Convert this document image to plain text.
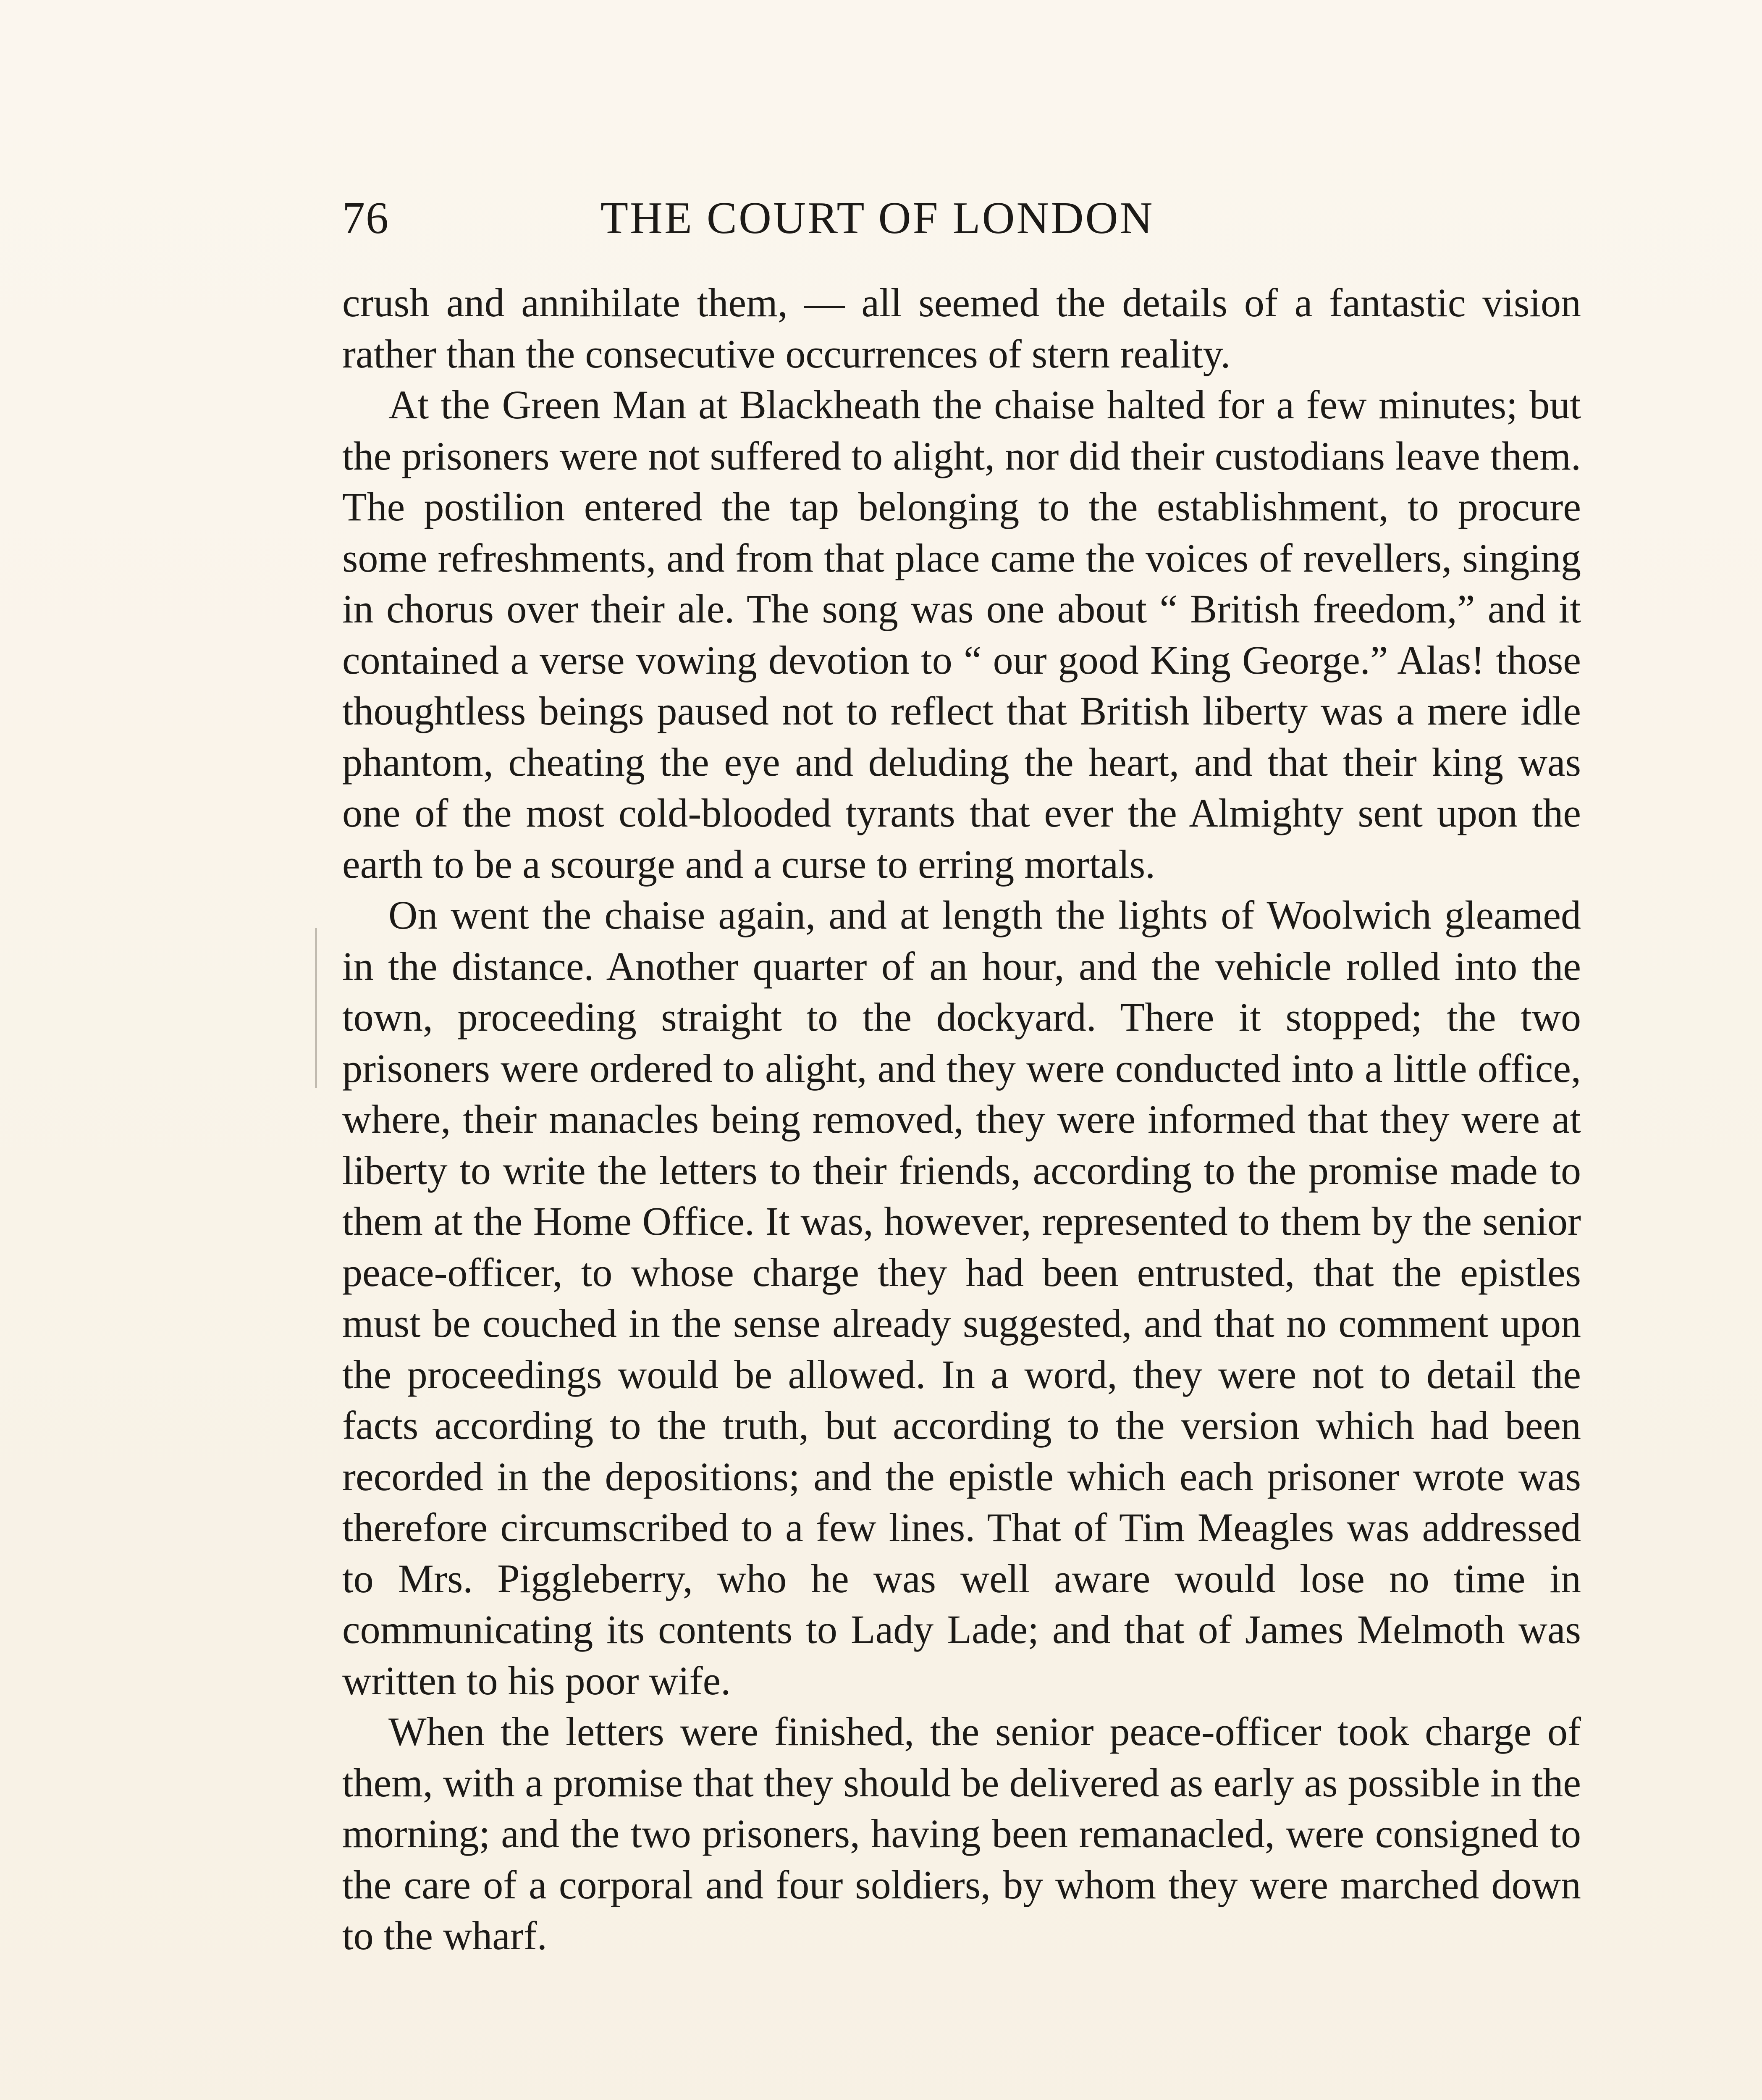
76	THE COURT OF LONDON

crush and annihilate them, — all seemed the details of a fantastic vision rather than the consecutive occurrences of stern reality.

At the Green Man at Blackheath the chaise halted for a few minutes; but the prisoners were not suffered to alight, nor did their custodians leave them. The postilion entered the tap belonging to the establishment, to procure some refreshments, and from that place came the voices of revellers, singing in chorus over their ale. The song was one about “ British freedom,” and it contained a verse vowing devotion to “ our good King George.” Alas! those thoughtless beings paused not to reflect that British liberty was a mere idle phantom, cheating the eye and deluding the heart, and that their king was one of the most cold-blooded tyrants that ever the Almighty sent upon the earth to be a scourge and a curse to erring mortals.

On went the chaise again, and at length the lights of Woolwich gleamed in the distance. Another quarter of an hour, and the vehicle rolled into the town, proceeding straight to the dockyard. There it stopped; the two prisoners were ordered to alight, and they were conducted into a little office, where, their manacles being removed, they were informed that they were at liberty to write the letters to their friends, according to the promise made to them at the Home Office. It was, however, represented to them by the senior peace-officer, to whose charge they had been entrusted, that the epistles must be couched in the sense already suggested, and that no comment upon the proceedings would be allowed. In a word, they were not to detail the facts according to the truth, but according to the version which had been recorded in the depositions; and the epistle which each prisoner wrote was therefore circumscribed to a few lines. That of Tim Meagles was addressed to Mrs. Piggleberry, who he was well aware would lose no time in communicating its contents to Lady Lade; and that of James Melmoth was written to his poor wife.

When the letters were finished, the senior peace-officer took charge of them, with a promise that they should be delivered as early as possible in the morning; and the two prisoners, having been remanacled, were consigned to the care of a corporal and four soldiers, by whom they were marched down to the wharf.
